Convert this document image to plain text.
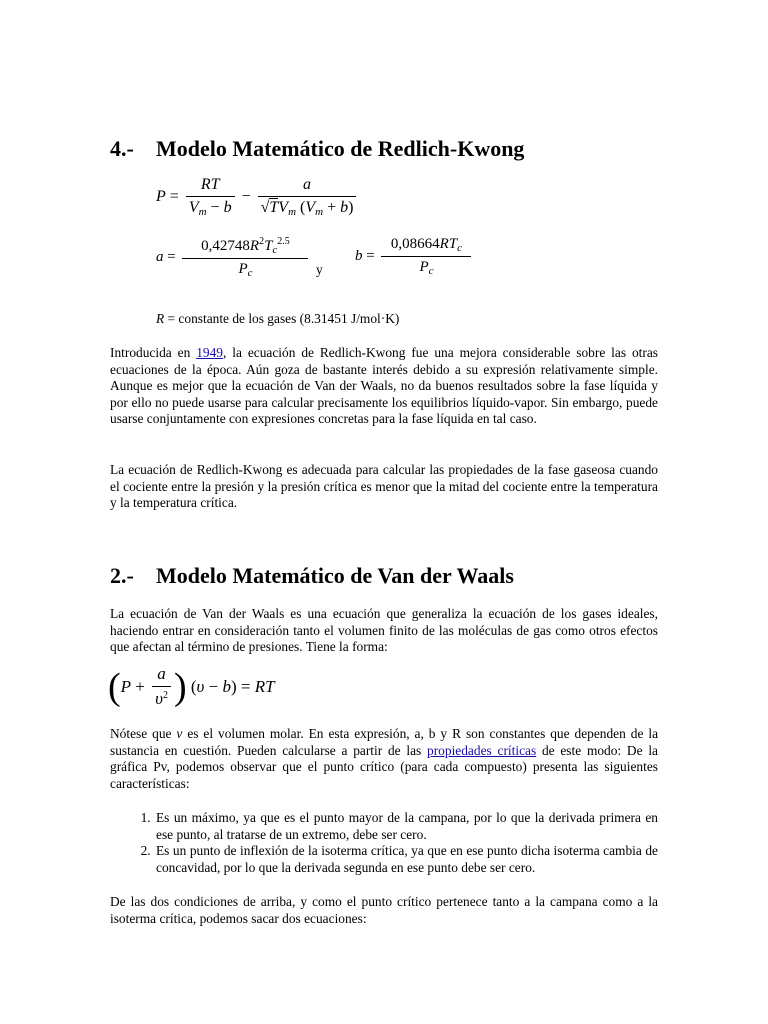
4.- Modelo Matemático de Redlich-Kwong
$P = \frac{RT}{V_m - b} - \frac{a}{√TV_m (V_m + b)}$
$a = \frac{0,42748R^2T_c^{2.5}}{P_c}$ y
$b = \frac{0,08664RT_c}{P_c}$
R = constante de los gases (8.31451 J/mol·K)
Introducida en 1949, la ecuación de Redlich-Kwong fue una mejora considerable sobre las otras ecuaciones de la época. Aún goza de bastante interés debido a su expresión relativamente simple. Aunque es mejor que la ecuación de Van der Waals, no da buenos resultados sobre la fase líquida y por ello no puede usarse para calcular precisamente los equilibrios líquido-vapor. Sin embargo, puede usarse conjuntamente con expresiones concretas para la fase líquida en tal caso.
La ecuación de Redlich-Kwong es adecuada para calcular las propiedades de la fase gaseosa cuando el cociente entre la presión y la presión crítica es menor que la mitad del cociente entre la temperatura y la temperatura crítica.
2.- Modelo Matemático de Van der Waals
La ecuación de Van der Waals es una ecuación que generaliza la ecuación de los gases ideales, haciendo entrar en consideración tanto el volumen finito de las moléculas de gas como otros efectos que afectan al término de presiones. Tiene la forma:
( $P + \frac{a}{\upsilon^2}$ ) ( υ − b ) = RT
Nótese que v es el volumen molar. En esta expresión, a, b y R son constantes que dependen de la sustancia en cuestión. Pueden calcularse a partir de las propiedades críticas de este modo: De la gráfica Pv, podemos observar que el punto crítico (para cada compuesto) presenta las siguientes características:
1. Es un máximo, ya que es el punto mayor de la campana, por lo que la derivada primera en ese punto, al tratarse de un extremo, debe ser cero.
2. Es un punto de inflexión de la isoterma crítica, ya que en ese punto dicha isoterma cambia de concavidad, por lo que la derivada segunda en ese punto debe ser cero.
De las dos condiciones de arriba, y como el punto crítico pertenece tanto a la campana como a la isoterma crítica, podemos sacar dos ecuaciones:
